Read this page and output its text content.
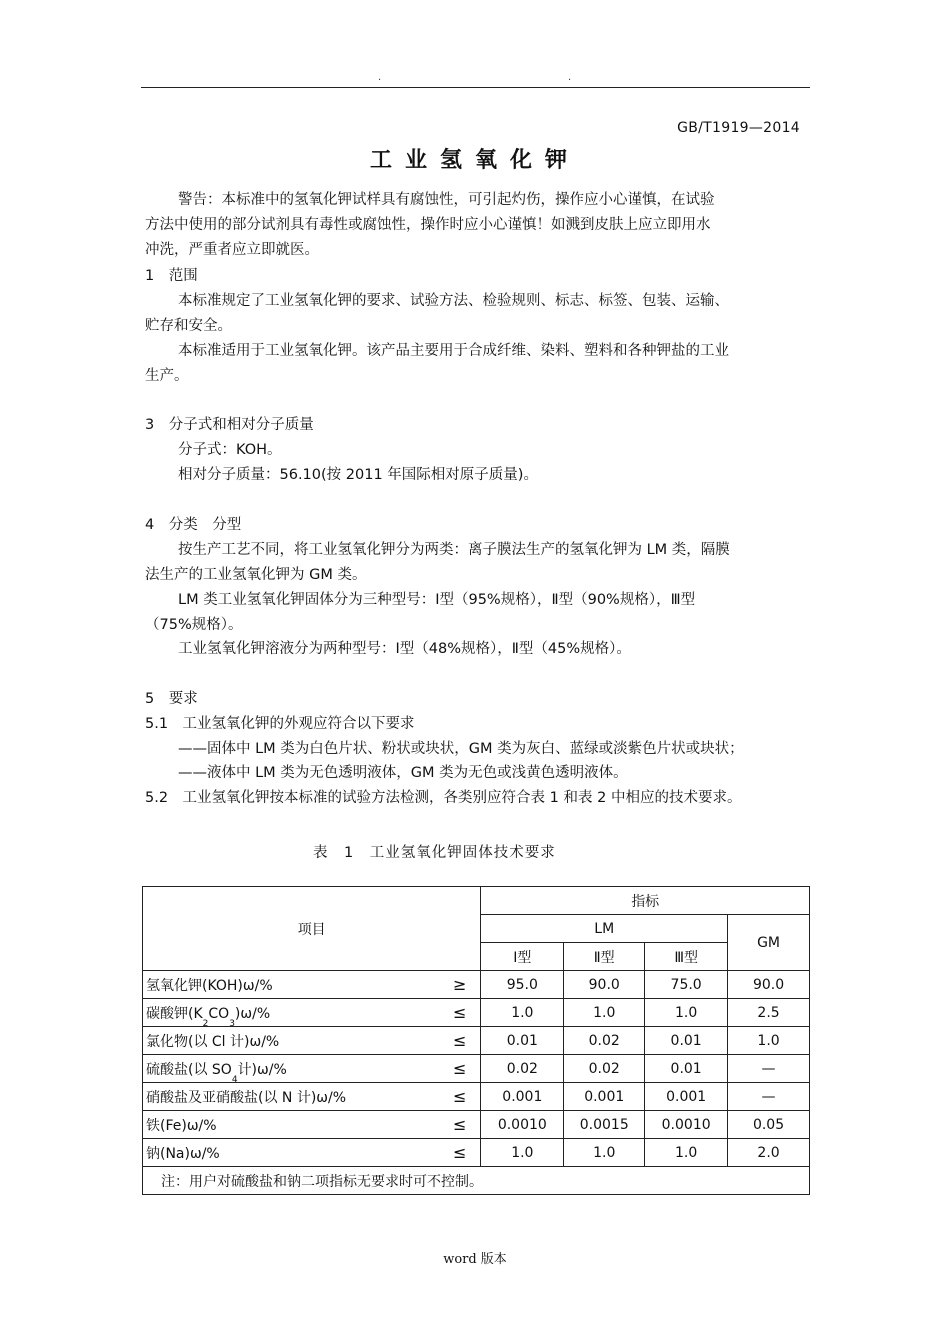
.	.
GB/T1919—2014
工业氢氧化钾
警告：本标准中的氢氧化钾试样具有腐蚀性，可引起灼伤，操作应小心谨慎，在试验
方法中使用的部分试剂具有毒性或腐蚀性，操作时应小心谨慎！如溅到皮肤上应立即用水
冲洗，严重者应立即就医。
1　范围
本标准规定了工业氢氧化钾的要求、试验方法、检验规则、标志、标签、包装、运输、
贮存和安全。
本标准适用于工业氢氧化钾。该产品主要用于合成纤维、染料、塑料和各种钾盐的工业
生产。
3　分子式和相对分子质量
分子式：KOH。
相对分子质量：56.10(按 2011 年国际相对原子质量)。
4　分类　分型
按生产工艺不同，将工业氢氧化钾分为两类：离子膜法生产的氢氧化钾为 LM 类，隔膜
法生产的工业氢氧化钾为 GM 类。
LM 类工业氢氧化钾固体分为三种型号：Ⅰ型（95%规格），Ⅱ型（90%规格），Ⅲ型
（75%规格）。
工业氢氧化钾溶液分为两种型号：Ⅰ型（48%规格），Ⅱ型（45%规格）。
5　要求
5.1　工业氢氧化钾的外观应符合以下要求
——固体中 LM 类为白色片状、粉状或块状，GM 类为灰白、蓝绿或淡紫色片状或块状；
——液体中 LM 类为无色透明液体，GM 类为无色或浅黄色透明液体。
5.2　工业氢氧化钾按本标准的试验方法检测，各类别应符合表 1 和表 2 中相应的技术要求。
表　1　工业氢氧化钾固体技术要求
项目		指标			
		LM			GM
		Ⅰ型	Ⅱ型	Ⅲ型	
氢氧化钾(KOH)ω/%	≥	95.0	90.0	75.0	90.0
碳酸钾$(K_2CO_3)\omega/\%$	≤	1.0	1.0	1.0	2.5
氯化物(以 Cl 计)ω/%	≤	0.01	0.02	0.01	1.0
硫酸盐(以 $SO_4$计)ω/%	≤	0.02	0.02	0.01	—
硝酸盐及亚硝酸盐(以 N 计)ω/%	≤	0.001	0.001	0.001	—
铁(Fe)ω/%	≤	0.0010	0.0015	0.0010	0.05
钠(Na)ω/%	≤	1.0	1.0	1.0	2.0
注：用户对硫酸盐和钠二项指标无要求时可不控制。					
word 版本
